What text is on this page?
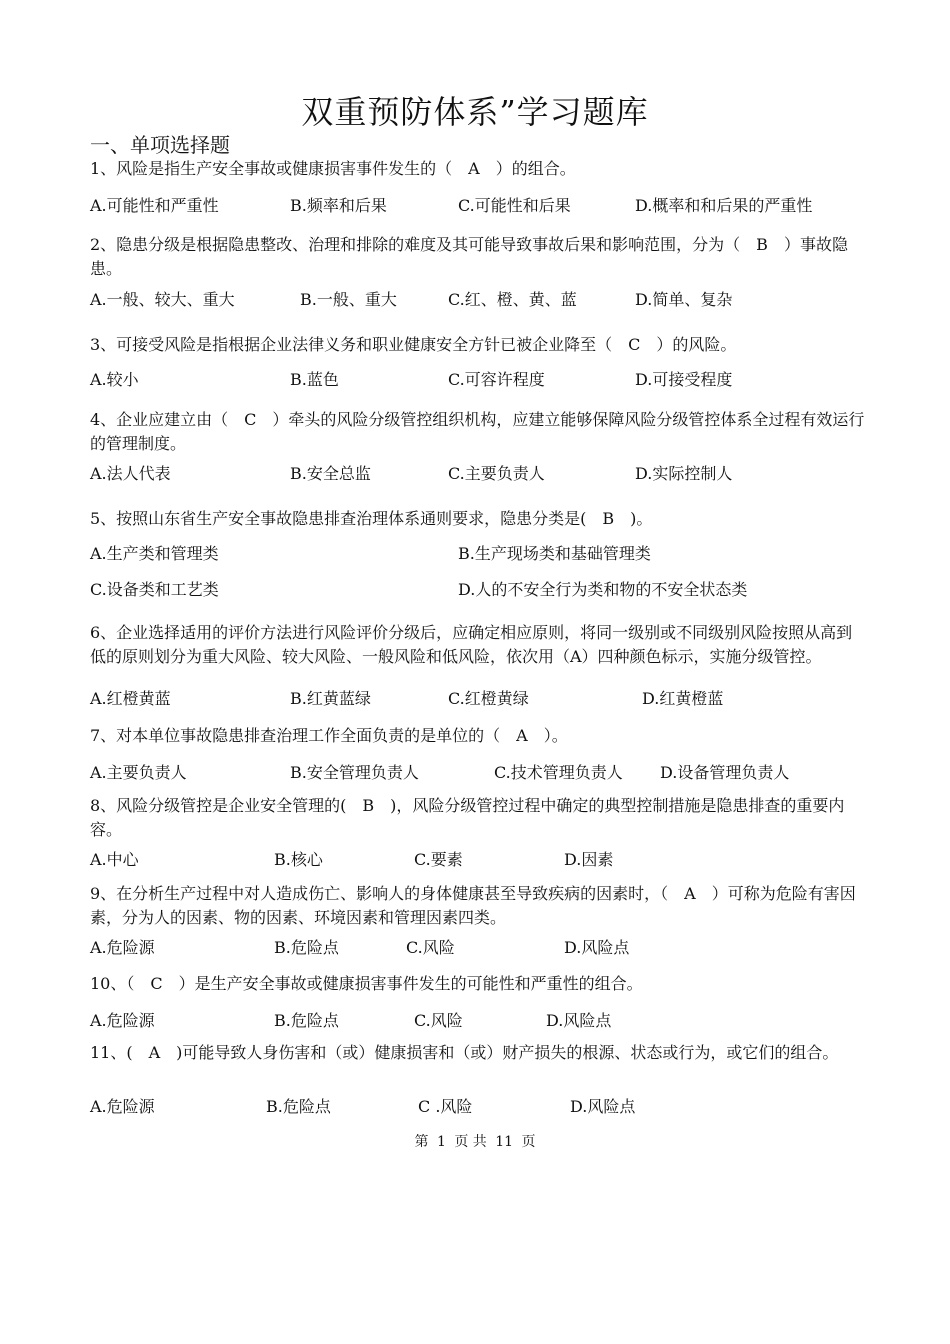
双重预防体系”学习题库
一、单项选择题
1、风险是指生产安全事故或健康损害事件发生的（　A　）的组合。
A.可能性和严重性	B.频率和后果	C.可能性和后果	D.概率和和后果的严重性
2、隐患分级是根据隐患整改、治理和排除的难度及其可能导致事故后果和影响范围，分为（　B　）事故隐患。
A.一般、较大、重大	B.一般、重大	C.红、橙、黄、蓝	D.简单、复杂
3、可接受风险是指根据企业法律义务和职业健康安全方针已被企业降至（　C　）的风险。
A.较小	B.蓝色	C.可容许程度	D.可接受程度
4、企业应建立由（　C　）牵头的风险分级管控组织机构，应建立能够保障风险分级管控体系全过程有效运行的管理制度。
A.法人代表	B.安全总监	C.主要负责人	D.实际控制人
5、按照山东省生产安全事故隐患排查治理体系通则要求，隐患分类是(　B　)。
A.生产类和管理类	B.生产现场类和基础管理类
C.设备类和工艺类	D.人的不安全行为类和物的不安全状态类
6、企业选择适用的评价方法进行风险评价分级后，应确定相应原则，将同一级别或不同级别风险按照从高到低的原则划分为重大风险、较大风险、一般风险和低风险，依次用（A）四种颜色标示，实施分级管控。
A.红橙黄蓝	B.红黄蓝绿	C.红橙黄绿	D.红黄橙蓝
7、对本单位事故隐患排查治理工作全面负责的是单位的（　A　）。
A.主要负责人	B.安全管理负责人	C.技术管理负责人 D.设备管理负责人
8、风险分级管控是企业安全管理的(　B　)，风险分级管控过程中确定的典型控制措施是隐患排查的重要内容。
A.中心	B.核心	C.要素	D.因素
9、在分析生产过程中对人造成伤亡、影响人的身体健康甚至导致疾病的因素时，（　A　）可称为危险有害因素，分为人的因素、物的因素、环境因素和管理因素四类。
A.危险源	B.危险点	C.风险	D.风险点
10、（　C　）是生产安全事故或健康损害事件发生的可能性和严重性的组合。
A.危险源	B.危险点	C.风险	D.风险点
11、(　A　)可能导致人身伤害和（或）健康损害和（或）财产损失的根源、状态或行为，或它们的组合。
A.危险源	B.危险点	C .风险	D.风险点
第 1 页 共 11 页
